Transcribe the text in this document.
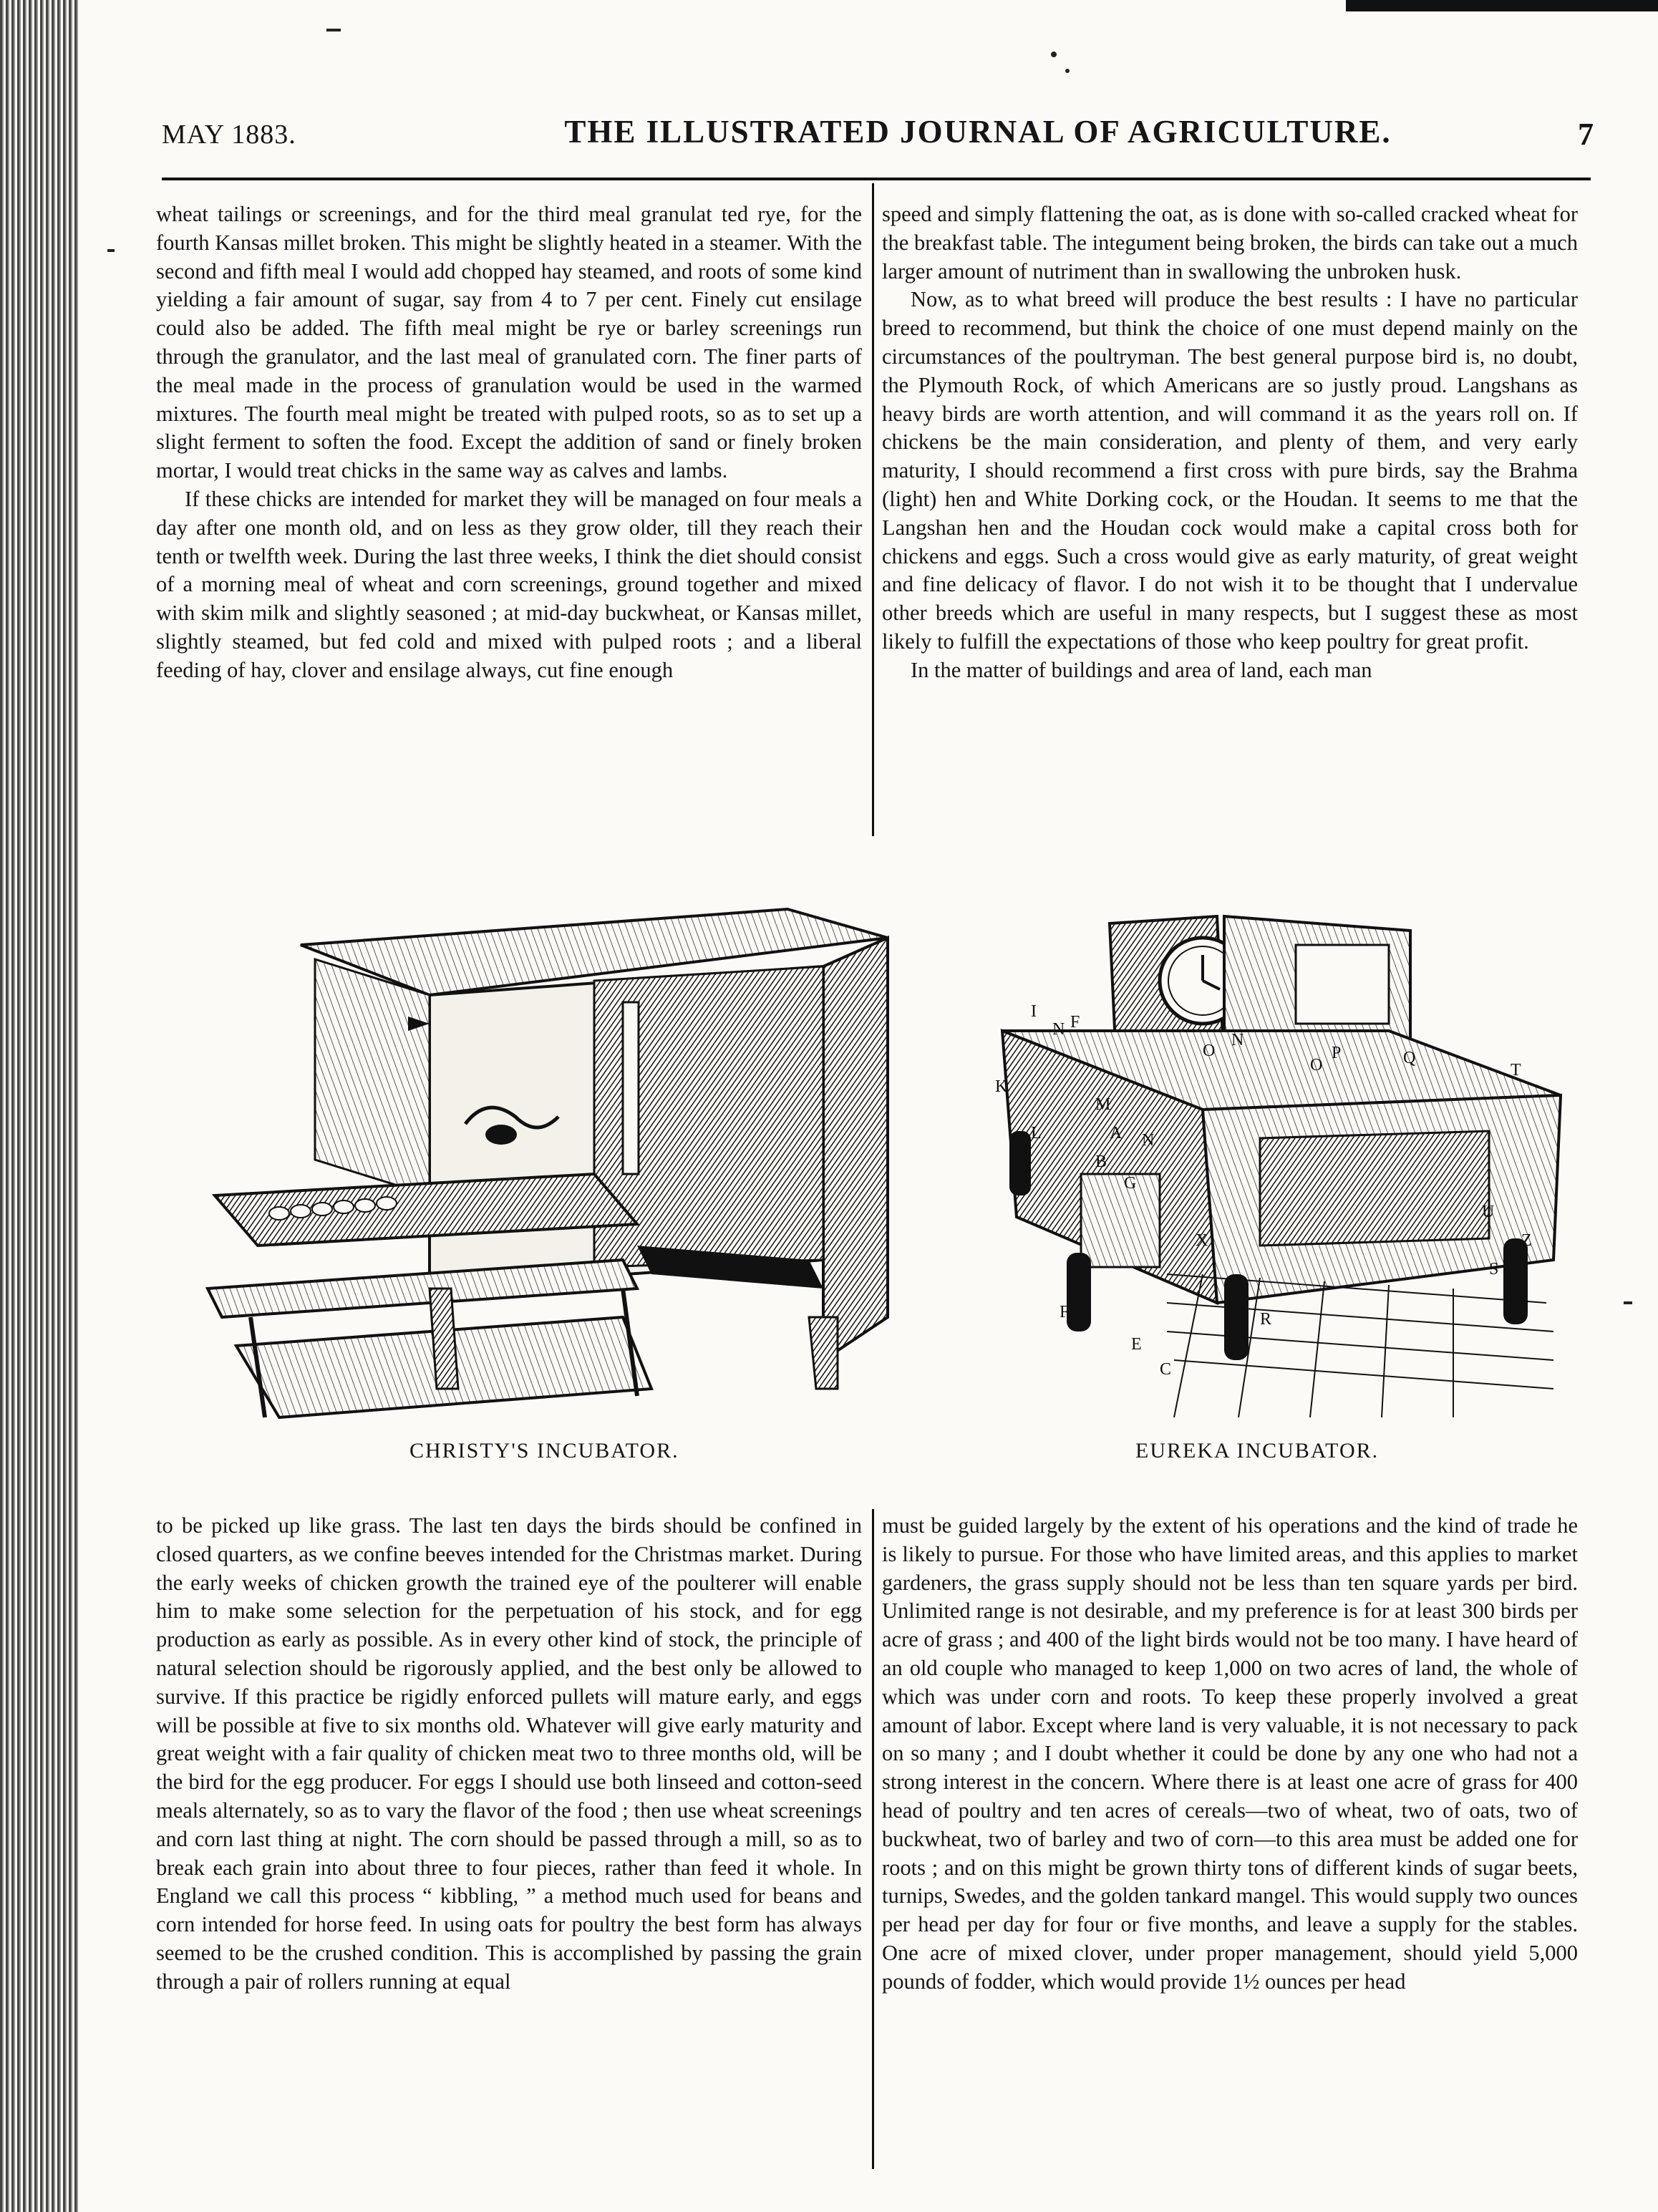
MAY 1883.	THE ILLUSTRATED JOURNAL OF AGRICULTURE.	7

wheat tailings or screenings, and for the third meal granulat ted rye, for the fourth Kansas millet broken. This might be slightly heated in a steamer. With the second and fifth meal I would add chopped hay steamed, and roots of some kind yielding a fair amount of sugar, say from 4 to 7 per cent. Finely cut ensilage could also be added. The fifth meal might be rye or barley screenings run through the granulator, and the last meal of granulated corn. The finer parts of the meal made in the process of granulation would be used in the warmed mixtures. The fourth meal might be treated with pulped roots, so as to set up a slight ferment to soften the food. Except the addition of sand or finely broken mortar, I would treat chicks in the same way as calves and lambs.

If these chicks are intended for market they will be managed on four meals a day after one month old, and on less as they grow older, till they reach their tenth or twelfth week. During the last three weeks, I think the diet should consist of a morning meal of wheat and corn screenings, ground together and mixed with skim milk and slightly seasoned ; at mid-day buckwheat, or Kansas millet, slightly steamed, but fed cold and mixed with pulped roots ; and a liberal feeding of hay, clover and ensilage always, cut fine enough

speed and simply flattening the oat, as is done with so-called cracked wheat for the breakfast table. The integument being broken, the birds can take out a much larger amount of nutriment than in swallowing the unbroken husk.

Now, as to what breed will produce the best results : I have no particular breed to recommend, but think the choice of one must depend mainly on the circumstances of the poultryman. The best general purpose bird is, no doubt, the Plymouth Rock, of which Americans are so justly proud. Langshans as heavy birds are worth attention, and will command it as the years roll on. If chickens be the main consideration, and plenty of them, and very early maturity, I should recommend a first cross with pure birds, say the Brahma (light) hen and White Dorking cock, or the Houdan. It seems to me that the Langshan hen and the Houdan cock would make a capital cross both for chickens and eggs. Such a cross would give as early maturity, of great weight and fine delicacy of flavor. I do not wish it to be thought that I undervalue other breeds which are useful in many respects, but I suggest these as most likely to fulfill the expectations of those who keep poultry for great profit.

In the matter of buildings and area of land, each man

CHRISTY'S INCUBATOR.
I
N F
K
L
M
A
B
G
N
O
N
O
P	Q
T
U
S
R
C
E
F
X	Z
EUREKA INCUBATOR.

to be picked up like grass. The last ten days the birds should be confined in closed quarters, as we confine beeves intended for the Christmas market. During the early weeks of chicken growth the trained eye of the poulterer will enable him to make some selection for the perpetuation of his stock, and for egg production as early as possible. As in every other kind of stock, the principle of natural selection should be rigorously applied, and the best only be allowed to survive. If this practice be rigidly enforced pullets will mature early, and eggs will be possible at five to six months old. Whatever will give early maturity and great weight with a fair quality of chicken meat two to three months old, will be the bird for the egg producer. For eggs I should use both linseed and cotton-seed meals alternately, so as to vary the flavor of the food ; then use wheat screenings and corn last thing at night. The corn should be passed through a mill, so as to break each grain into about three to four pieces, rather than feed it whole. In England we call this process “ kibbling, ” a method much used for beans and corn intended for horse feed. In using oats for poultry the best form has always seemed to be the crushed condition. This is accomplished by passing the grain through a pair of rollers running at equal

must be guided largely by the extent of his operations and the kind of trade he is likely to pursue. For those who have limited areas, and this applies to market gardeners, the grass supply should not be less than ten square yards per bird. Unlimited range is not desirable, and my preference is for at least 300 birds per acre of grass ; and 400 of the light birds would not be too many. I have heard of an old couple who managed to keep 1,000 on two acres of land, the whole of which was under corn and roots. To keep these properly involved a great amount of labor. Except where land is very valuable, it is not necessary to pack on so many ; and I doubt whether it could be done by any one who had not a strong interest in the concern. Where there is at least one acre of grass for 400 head of poultry and ten acres of cereals—two of wheat, two of oats, two of buckwheat, two of barley and two of corn—to this area must be added one for roots ; and on this might be grown thirty tons of different kinds of sugar beets, turnips, Swedes, and the golden tankard mangel. This would supply two ounces per head per day for four or five months, and leave a supply for the stables. One acre of mixed clover, under proper management, should yield 5,000 pounds of fodder, which would provide 1½ ounces per head
